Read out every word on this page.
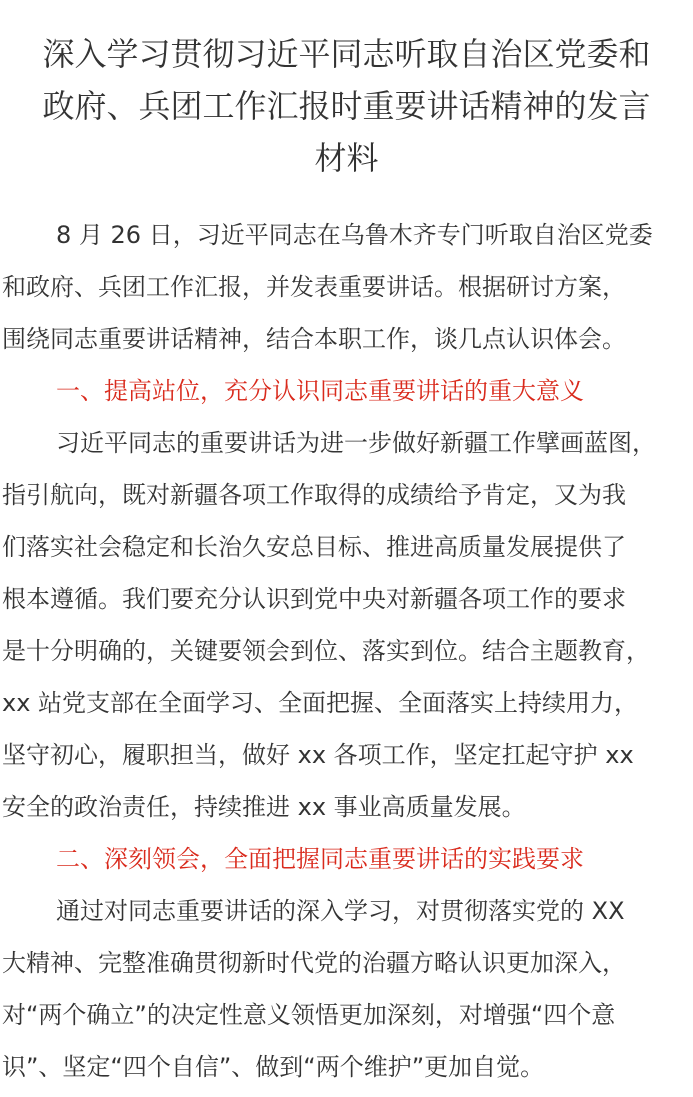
深入学习贯彻习近平同志听取自治区党委和
政府、兵团工作汇报时重要讲话精神的发言
材料
8 月 26 日，习近平同志在乌鲁木齐专门听取自治区党委
和政府、兵团工作汇报，并发表重要讲话。根据研讨方案，
围绕同志重要讲话精神，结合本职工作，谈几点认识体会。
一、提高站位，充分认识同志重要讲话的重大意义
习近平同志的重要讲话为进一步做好新疆工作擘画蓝图，
指引航向，既对新疆各项工作取得的成绩给予肯定，又为我
们落实社会稳定和长治久安总目标、推进高质量发展提供了
根本遵循。我们要充分认识到党中央对新疆各项工作的要求
是十分明确的，关键要领会到位、落实到位。结合主题教育，
xx 站党支部在全面学习、全面把握、全面落实上持续用力，
坚守初心，履职担当，做好 xx 各项工作，坚定扛起守护 xx
安全的政治责任，持续推进 xx 事业高质量发展。
二、深刻领会，全面把握同志重要讲话的实践要求
通过对同志重要讲话的深入学习，对贯彻落实党的 XX
大精神、完整准确贯彻新时代党的治疆方略认识更加深入，
对“两个确立”的决定性意义领悟更加深刻，对增强“四个意
识”、坚定“四个自信”、做到“两个维护”更加自觉。
